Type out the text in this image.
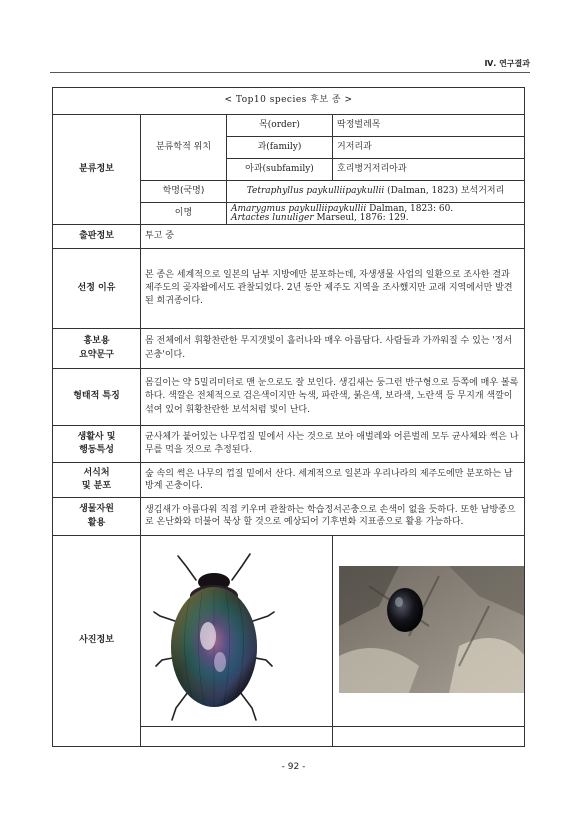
Ⅳ. 연구결과
< Top10 species 후보 종 >			
분류정보	분류학적 위치	목(order)	딱정벌레목
		과(family)	거저리과
		아과(subfamily)	호리병거저리아과
	학명(국명)	Tetraphyllus paykulliipaykullii (Dalman, 1823) 보석거저리	
	이명	Amarygmus paykulliipaykullii Dalman, 1823: 60.
Artactes lunuliger Marseul, 1876: 129.	

출판정보	투고 중		
선정 이유	본 종은 세계적으로 일본의 남부 지방에만 분포하는데, 자생생물 사업의 일환으로 조사한 결과 제주도의 곶자왈에서도 관찰되었다. 2년 동안 제주도 지역을 조사했지만 교래 지역에서만 발견된 희귀종이다.		

홍보용
요약문구	몸 전체에서 휘황찬란한 무지갯빛이 흘러나와 매우 아름답다. 사람들과 가까워질 수 있는 '정서곤충'이다.		
형태적 특징	몸길이는 약 5밀리미터로 맨 눈으로도 잘 보인다. 생김새는 둥그런 반구형으로 등쪽에 매우 볼록하다. 색깔은 전체적으로 검은색이지만 녹색, 파란색, 붉은색, 보라색, 노란색 등 무지개 색깔이 섞여 있어 휘황찬란한 보석처럼 빛이 난다.		

생활사 및
행동특성	균사체가 붙어있는 나무껍질 밑에서 사는 것으로 보아 애벌레와 어른벌레 모두 균사체와 썩은 나무를 먹을 것으로 추정된다.		

서식처
및 분포	숲 속의 썩은 나무의 껍질 밑에서 산다. 세계적으로 일본과 우리나라의 제주도에만 분포하는 남방계 곤충이다.		

생물자원
활용	생김새가 아름다워 직접 키우며 관찰하는 학습정서곤충으로 손색이 없을 듯하다. 또한 남방종으로 온난화와 더불어 북상 할 것으로 예상되어 기후변화 지표종으로 활용 가능하다.		
사진정보	

- 92 -
